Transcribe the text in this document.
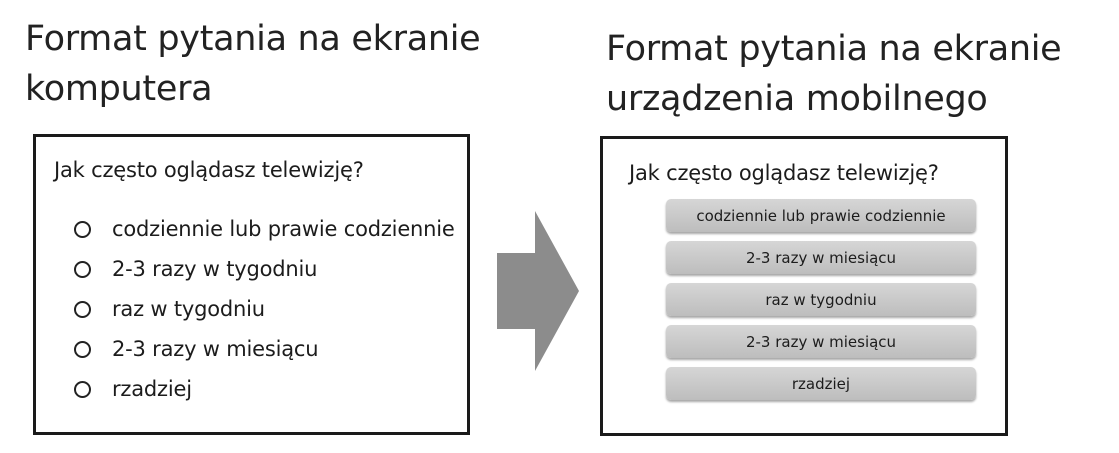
Format pytania na ekranie
komputera
Format pytania na ekranie
urządzenia mobilnego

Jak często oglądasz telewizję?

codziennie lub prawie codziennie
2-3 razy w tygodniu
raz w tygodniu
2-3 razy w miesiącu
rzadziej

Jak często oglądasz telewizję?

codziennie lub prawie codziennie
2-3 razy w miesiącu
raz w tygodniu
2-3 razy w miesiącu
rzadziej
